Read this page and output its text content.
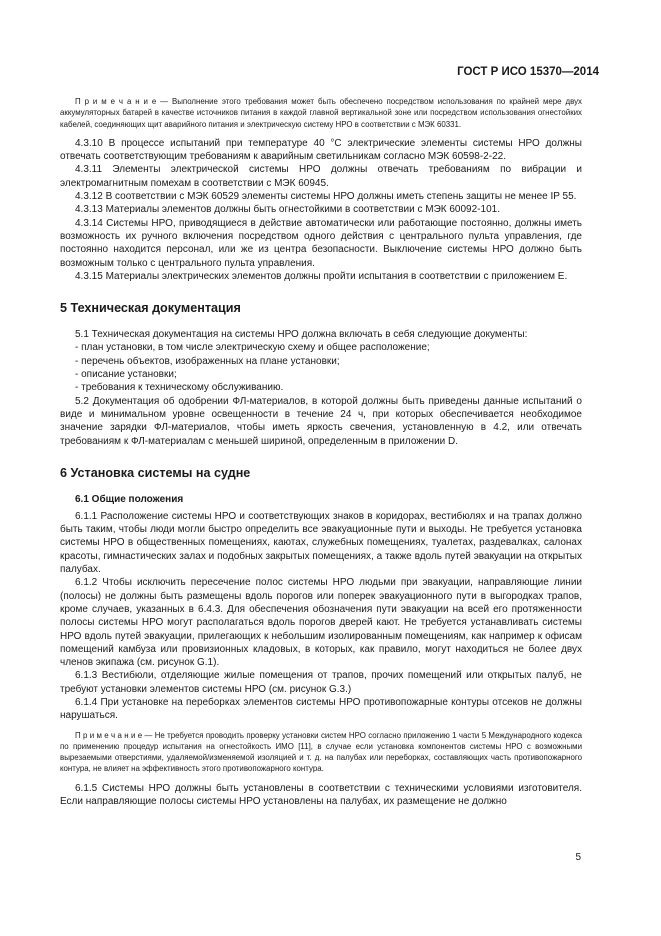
ГОСТ Р ИСО 15370—2014

П р и м е ч а н и е — Выполнение этого требования может быть обеспечено посредством использования по крайней мере двух аккумуляторных батарей в качестве источников питания в каждой главной вертикальной зоне или посредством использования огнестойких кабелей, соединяющих щит аварийного питания и электрическую систему НРО в соответствии с МЭК 60331.

4.3.10 В процессе испытаний при температуре 40 °С электрические элементы системы НРО должны отвечать соответствующим требованиям к аварийным светильникам согласно МЭК 60598-2-22.

4.3.11 Элементы электрической системы НРО должны отвечать требованиям по вибрации и электромагнитным помехам в соответствии с МЭК 60945.

4.3.12 В соответствии с МЭК 60529 элементы системы НРО должны иметь степень защиты не менее IP 55.

4.3.13 Материалы элементов должны быть огнестойкими в соответствии с МЭК 60092-101.

4.3.14 Системы НРО, приводящиеся в действие автоматически или работающие постоянно, должны иметь возможность их ручного включения посредством одного действия с центрального пульта управления, где постоянно находится персонал, или же из центра безопасности. Выключение системы НРО должно быть возможным только с центрального пульта управления.

4.3.15 Материалы электрических элементов должны пройти испытания в соответствии с приложением Е.

5 Техническая документация

5.1 Техническая документация на системы НРО должна включать в себя следующие документы:

- план установки, в том числе электрическую схему и общее расположение;

- перечень объектов, изображенных на плане установки;

- описание установки;

- требования к техническому обслуживанию.

5.2 Документация об одобрении ФЛ-материалов, в которой должны быть приведены данные испытаний о виде и минимальном уровне освещенности в течение 24 ч, при которых обеспечивается необходимое значение зарядки ФЛ-материалов, чтобы иметь яркость свечения, установленную в 4.2, или отвечать требованиям к ФЛ-материалам с меньшей шириной, определенным в приложении D.

6 Установка системы на судне
6.1 Общие положения

6.1.1 Расположение системы НРО и соответствующих знаков в коридорах, вестибюлях и на трапах должно быть таким, чтобы люди могли быстро определить все эвакуационные пути и выходы. Не требуется установка системы НРО в общественных помещениях, каютах, служебных помещениях, туалетах, раздевалках, салонах красоты, гимнастических залах и подобных закрытых помещениях, а также вдоль путей эвакуации на открытых палубах.

6.1.2 Чтобы исключить пересечение полос системы НРО людьми при эвакуации, направляющие линии (полосы) не должны быть размещены вдоль порогов или поперек эвакуационного пути в выгородках трапов, кроме случаев, указанных в 6.4.3. Для обеспечения обозначения пути эвакуации на всей его протяженности полосы системы НРО могут располагаться вдоль порогов дверей кают. Не требуется устанавливать системы НРО вдоль путей эвакуации, прилегающих к небольшим изолированным помещениям, как например к офисам помещений камбуза или провизионных кладовых, в которых, как правило, могут находиться не более двух членов экипажа (см. рисунок G.1).

6.1.3 Вестибюли, отделяющие жилые помещения от трапов, прочих помещений или открытых палуб, не требуют установки элементов системы НРО (см. рисунок G.3.)

6.1.4 При установке на переборках элементов системы НРО противопожарные контуры отсеков не должны нарушаться.

П р и м е ч а н и е — Не требуется проводить проверку установки систем НРО согласно приложению 1 части 5 Международного кодекса по применению процедур испытания на огнестойкость ИМО [11], в случае если установка компонентов системы НРО с возможными вырезаемыми отверстиями, удаляемой/изменяемой изоляцией и т. д. на палубах или переборках, составляющих часть противопожарного контура, не влияет на эффективность этого противопожарного контура.

6.1.5 Системы НРО должны быть установлены в соответствии с техническими условиями изготовителя. Если направляющие полосы системы НРО установлены на палубах, их размещение не должно

5
